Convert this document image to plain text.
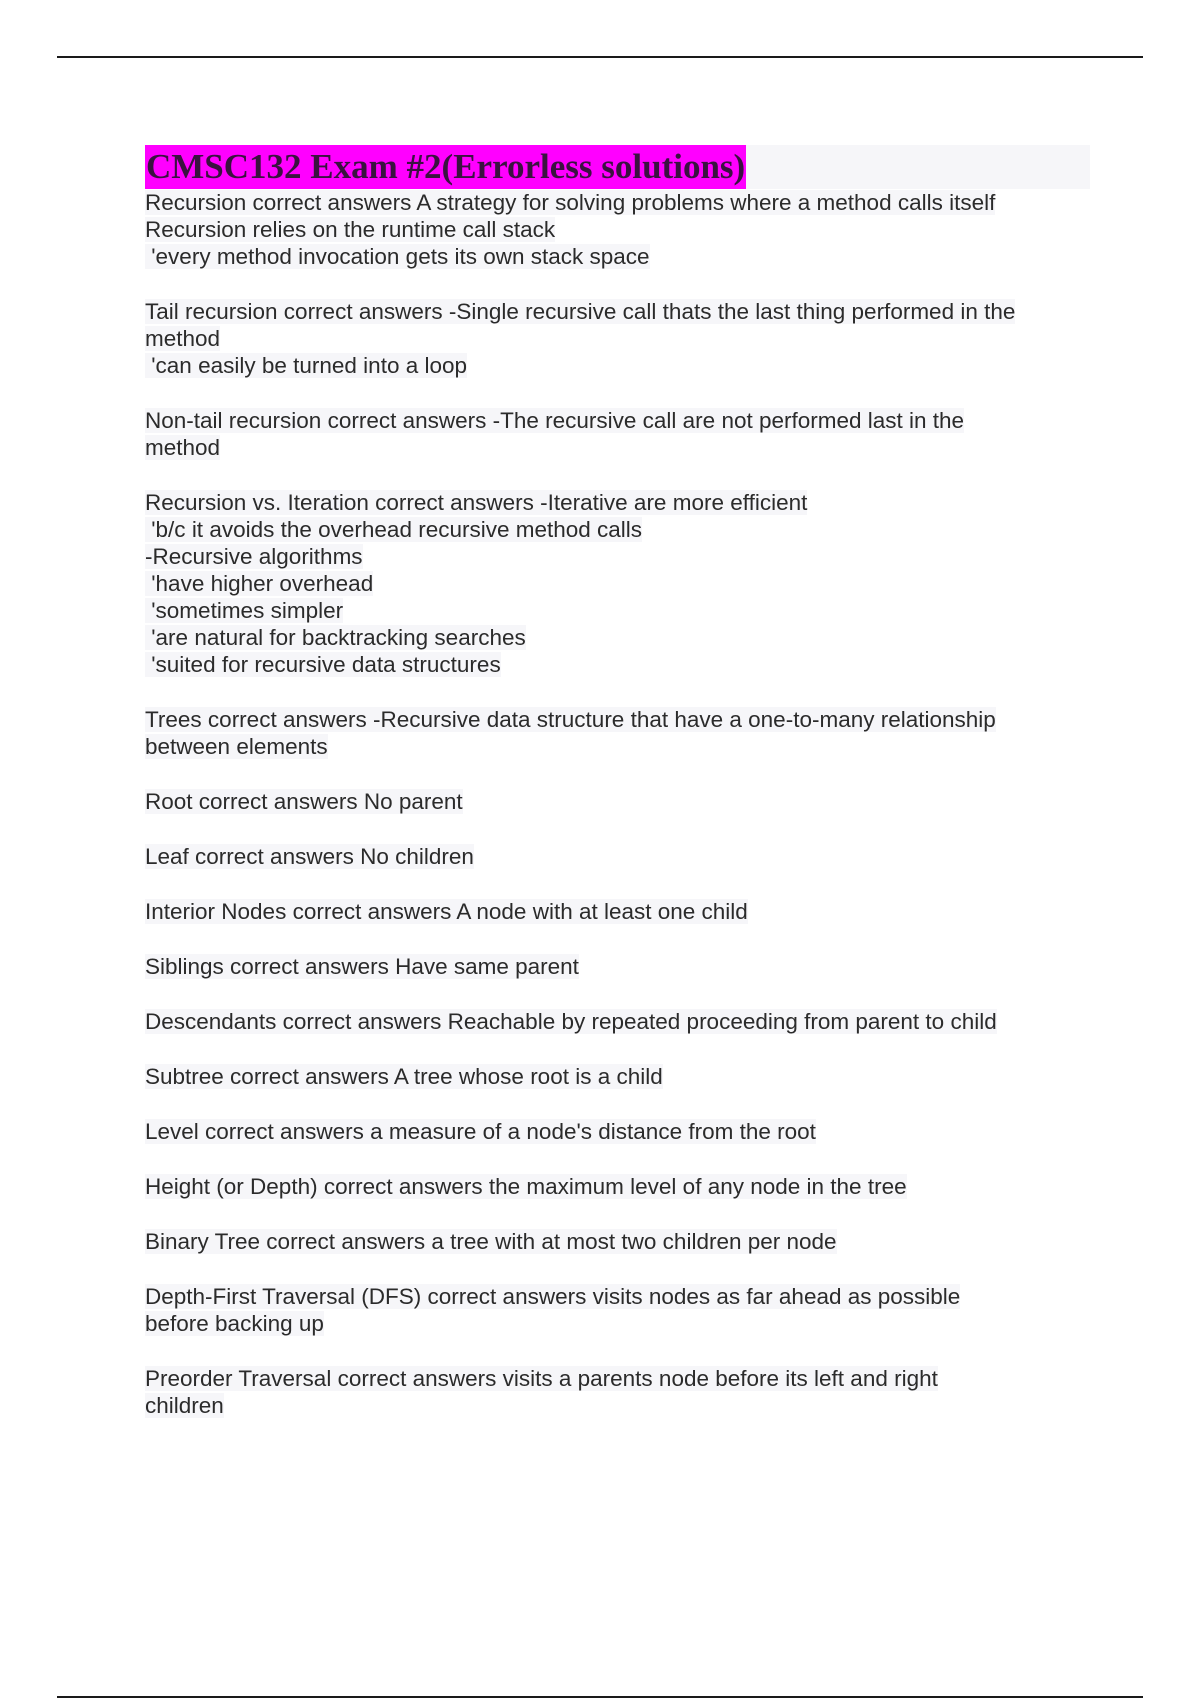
CMSC132 Exam #2(Errorless solutions)
Recursion correct answers A strategy for solving problems where a method calls itself
Recursion relies on the runtime call stack
'every method invocation gets its own stack space
Tail recursion correct answers -Single recursive call thats the last thing performed in the
method
'can easily be turned into a loop
Non-tail recursion correct answers -The recursive call are not performed last in the
method
Recursion vs. Iteration correct answers -Iterative are more efficient
'b/c it avoids the overhead recursive method calls
-Recursive algorithms
'have higher overhead
'sometimes simpler
'are natural for backtracking searches
'suited for recursive data structures
Trees correct answers -Recursive data structure that have a one-to-many relationship
between elements
Root correct answers No parent
Leaf correct answers No children
Interior Nodes correct answers A node with at least one child
Siblings correct answers Have same parent
Descendants correct answers Reachable by repeated proceeding from parent to child
Subtree correct answers A tree whose root is a child
Level correct answers a measure of a node's distance from the root
Height (or Depth) correct answers the maximum level of any node in the tree
Binary Tree correct answers a tree with at most two children per node
Depth-First Traversal (DFS) correct answers visits nodes as far ahead as possible
before backing up
Preorder Traversal correct answers visits a parents node before its left and right
children
